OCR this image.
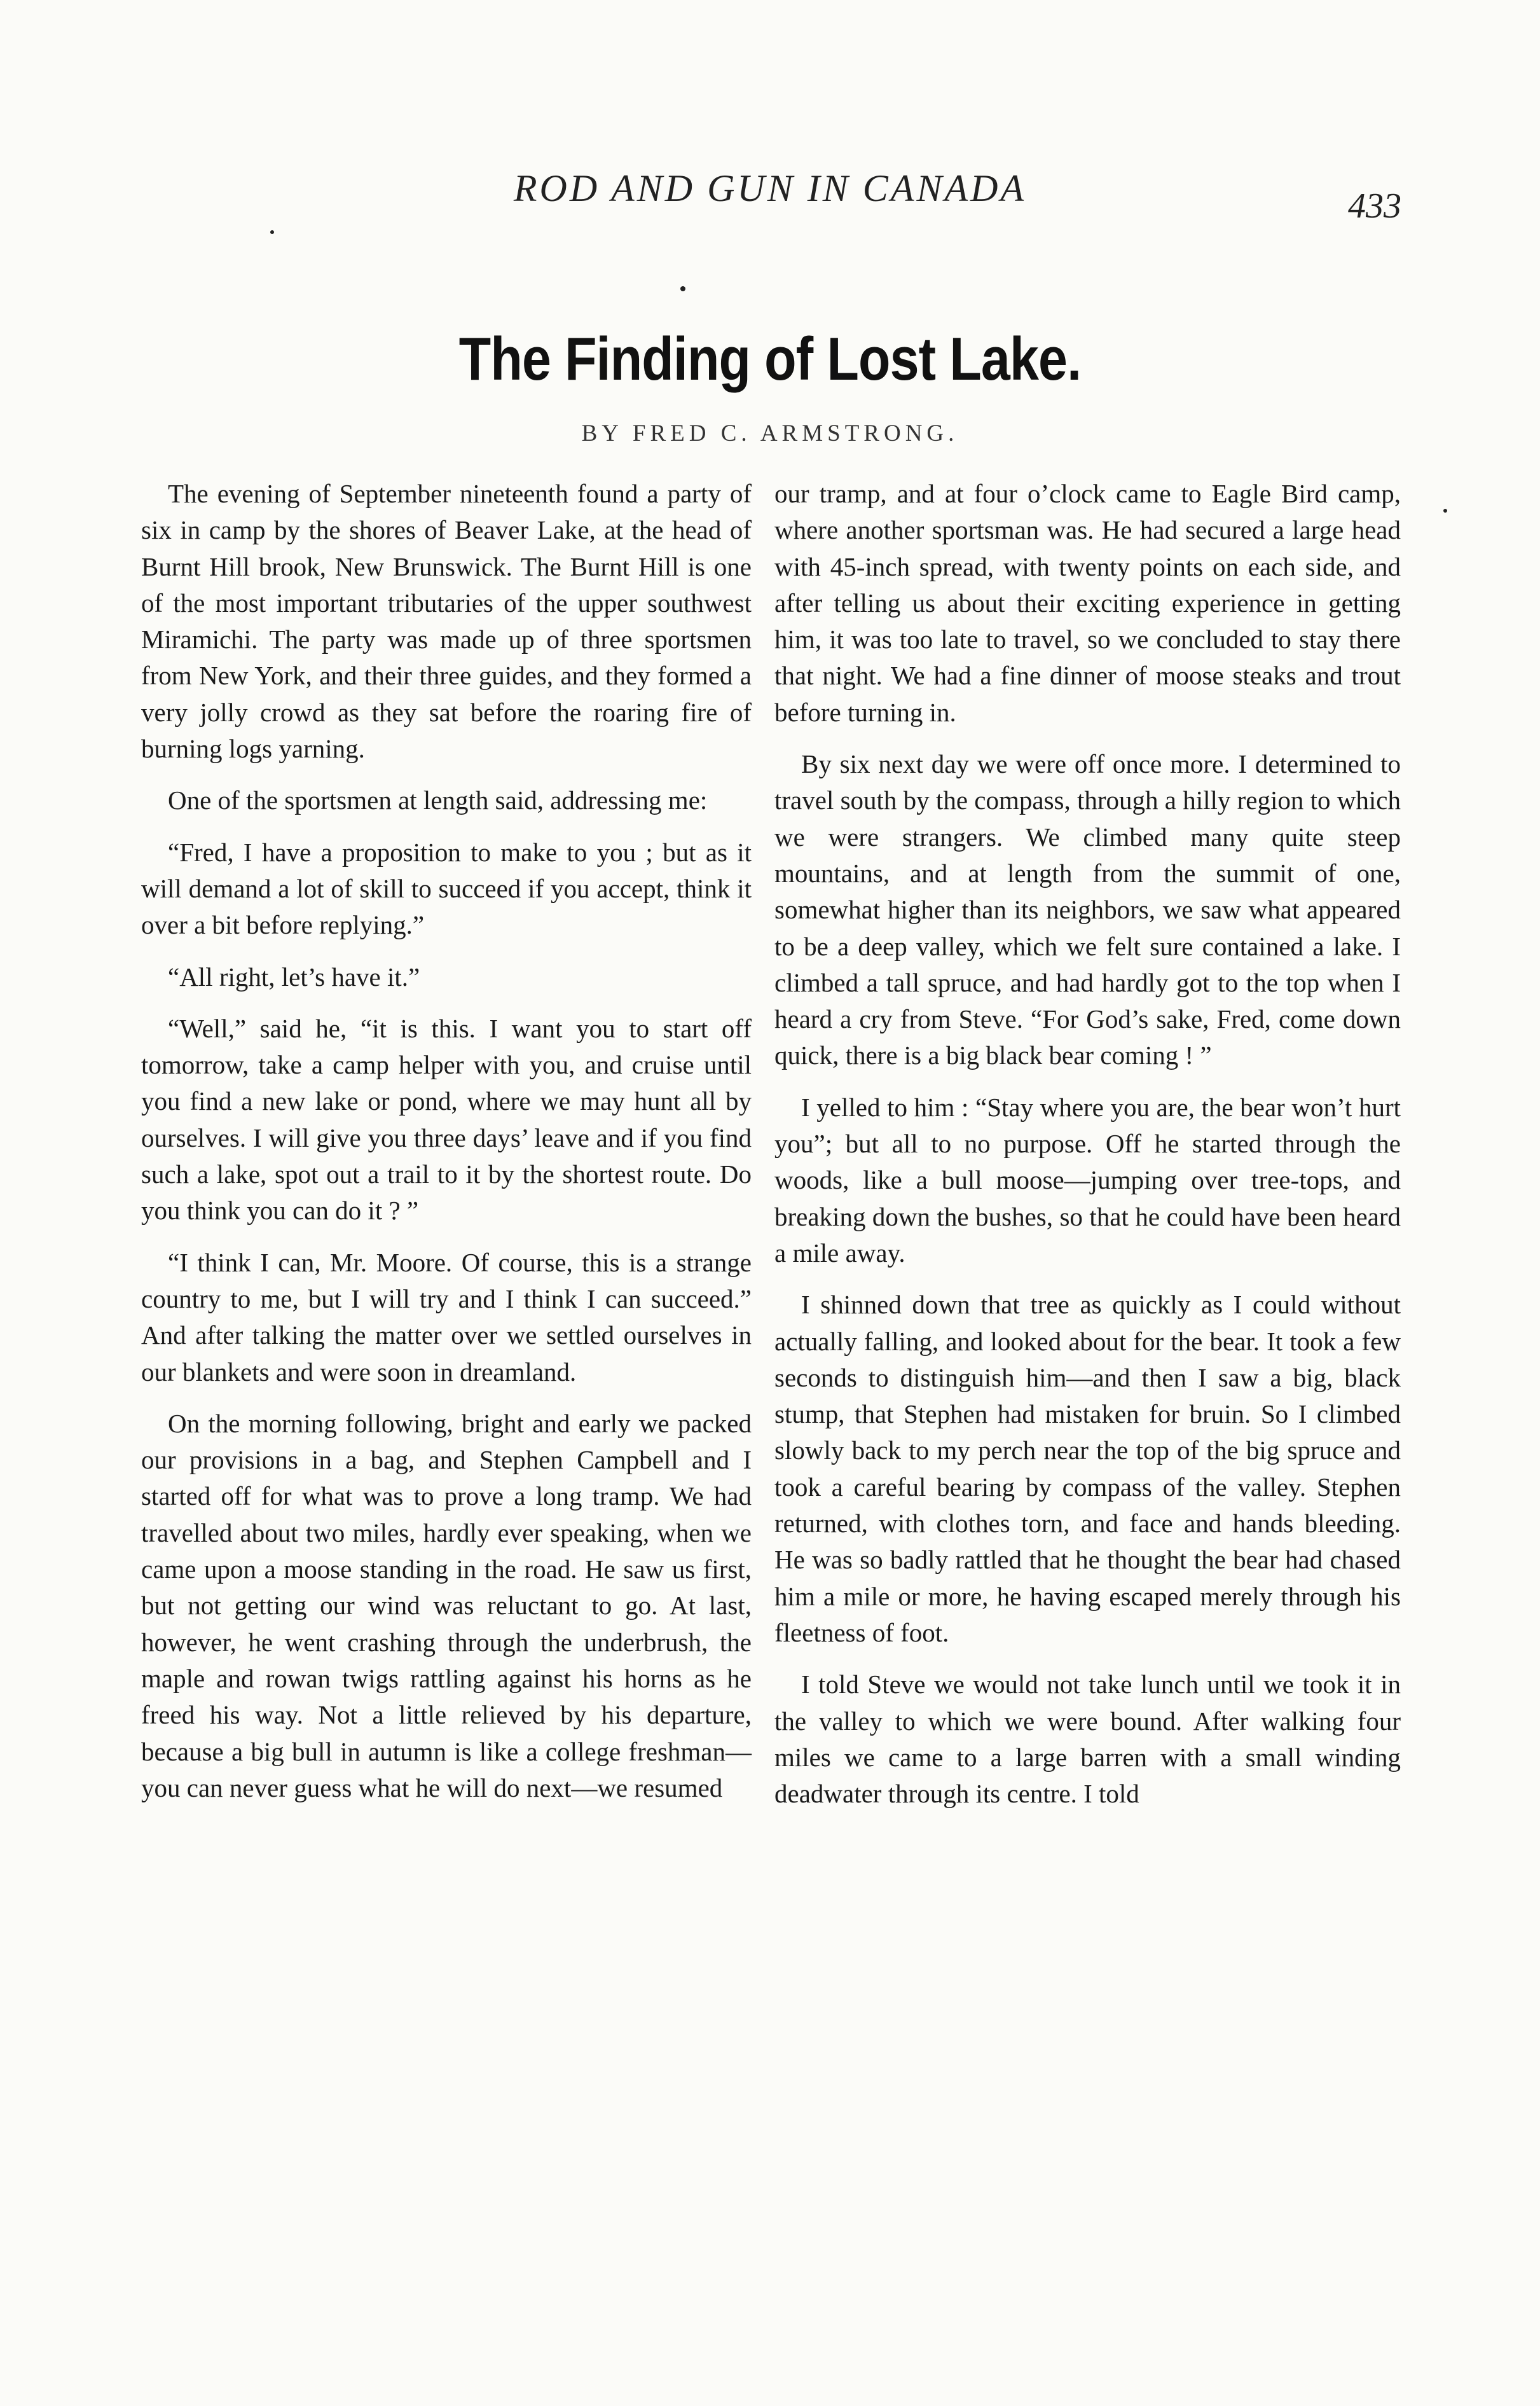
ROD AND GUN IN CANADA	433
The Finding of Lost Lake.
BY FRED C. ARMSTRONG.

The evening of September nineteenth found a party of six in camp by the shores of Beaver Lake, at the head of Burnt Hill brook, New Brunswick. The Burnt Hill is one of the most important tributaries of the upper southwest Miramichi. The party was made up of three sportsmen from New York, and their three guides, and they formed a very jolly crowd as they sat before the roaring fire of burning logs yarning.

One of the sportsmen at length said, addressing me:

“Fred, I have a proposition to make to you ; but as it will demand a lot of skill to succeed if you accept, think it over a bit before replying.”

“All right, let’s have it.”

“Well,” said he, “it is this. I want you to start off tomorrow, take a camp helper with you, and cruise until you find a new lake or pond, where we may hunt all by ourselves. I will give you three days’ leave and if you find such a lake, spot out a trail to it by the shortest route. Do you think you can do it ? ”

“I think I can, Mr. Moore. Of course, this is a strange country to me, but I will try and I think I can succeed.” And after talking the matter over we settled ourselves in our blankets and were soon in dreamland.

On the morning following, bright and early we packed our provisions in a bag, and Stephen Campbell and I started off for what was to prove a long tramp. We had travelled about two miles, hardly ever speaking, when we came upon a moose standing in the road. He saw us first, but not getting our wind was reluctant to go. At last, however, he went crashing through the underbrush, the maple and rowan twigs rattling against his horns as he freed his way. Not a little relieved by his departure, because a big bull in autumn is like a college freshman—you can never guess what he will do next—we resumed

our tramp, and at four o’clock came to Eagle Bird camp, where another sportsman was. He had secured a large head with 45-inch spread, with twenty points on each side, and after telling us about their exciting experience in getting him, it was too late to travel, so we concluded to stay there that night. We had a fine dinner of moose steaks and trout before turning in.

By six next day we were off once more. I determined to travel south by the compass, through a hilly region to which we were strangers. We climbed many quite steep mountains, and at length from the summit of one, somewhat higher than its neighbors, we saw what appeared to be a deep valley, which we felt sure contained a lake. I climbed a tall spruce, and had hardly got to the top when I heard a cry from Steve. “For God’s sake, Fred, come down quick, there is a big black bear coming ! ”

I yelled to him : “Stay where you are, the bear won’t hurt you”; but all to no purpose. Off he started through the woods, like a bull moose—jumping over tree-tops, and breaking down the bushes, so that he could have been heard a mile away.

I shinned down that tree as quickly as I could without actually falling, and looked about for the bear. It took a few seconds to distinguish him—and then I saw a big, black stump, that Stephen had mistaken for bruin. So I climbed slowly back to my perch near the top of the big spruce and took a careful bearing by compass of the valley. Stephen returned, with clothes torn, and face and hands bleeding. He was so badly rattled that he thought the bear had chased him a mile or more, he having escaped merely through his fleetness of foot.

I told Steve we would not take lunch until we took it in the valley to which we were bound. After walking four miles we came to a large barren with a small winding deadwater through its centre. I told
